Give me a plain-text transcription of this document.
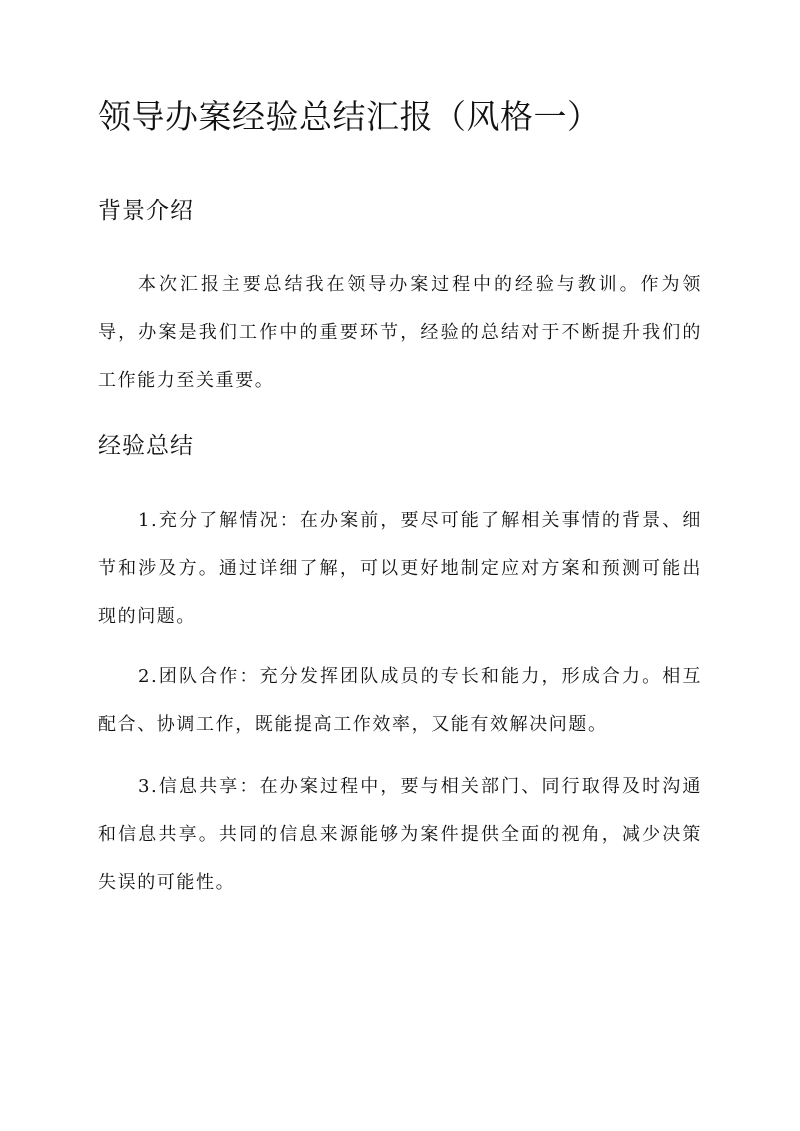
领导办案经验总结汇报（风格一）
背景介绍

本次汇报主要总结我在领导办案过程中的经验与教训。作为领导，办案是我们工作中的重要环节，经验的总结对于不断提升我们的工作能力至关重要。

经验总结

1.充分了解情况：在办案前，要尽可能了解相关事情的背景、细节和涉及方。通过详细了解，可以更好地制定应对方案和预测可能出现的问题。

2.团队合作：充分发挥团队成员的专长和能力，形成合力。相互配合、协调工作，既能提高工作效率，又能有效解决问题。

3.信息共享：在办案过程中，要与相关部门、同行取得及时沟通和信息共享。共同的信息来源能够为案件提供全面的视角，减少决策失误的可能性。
